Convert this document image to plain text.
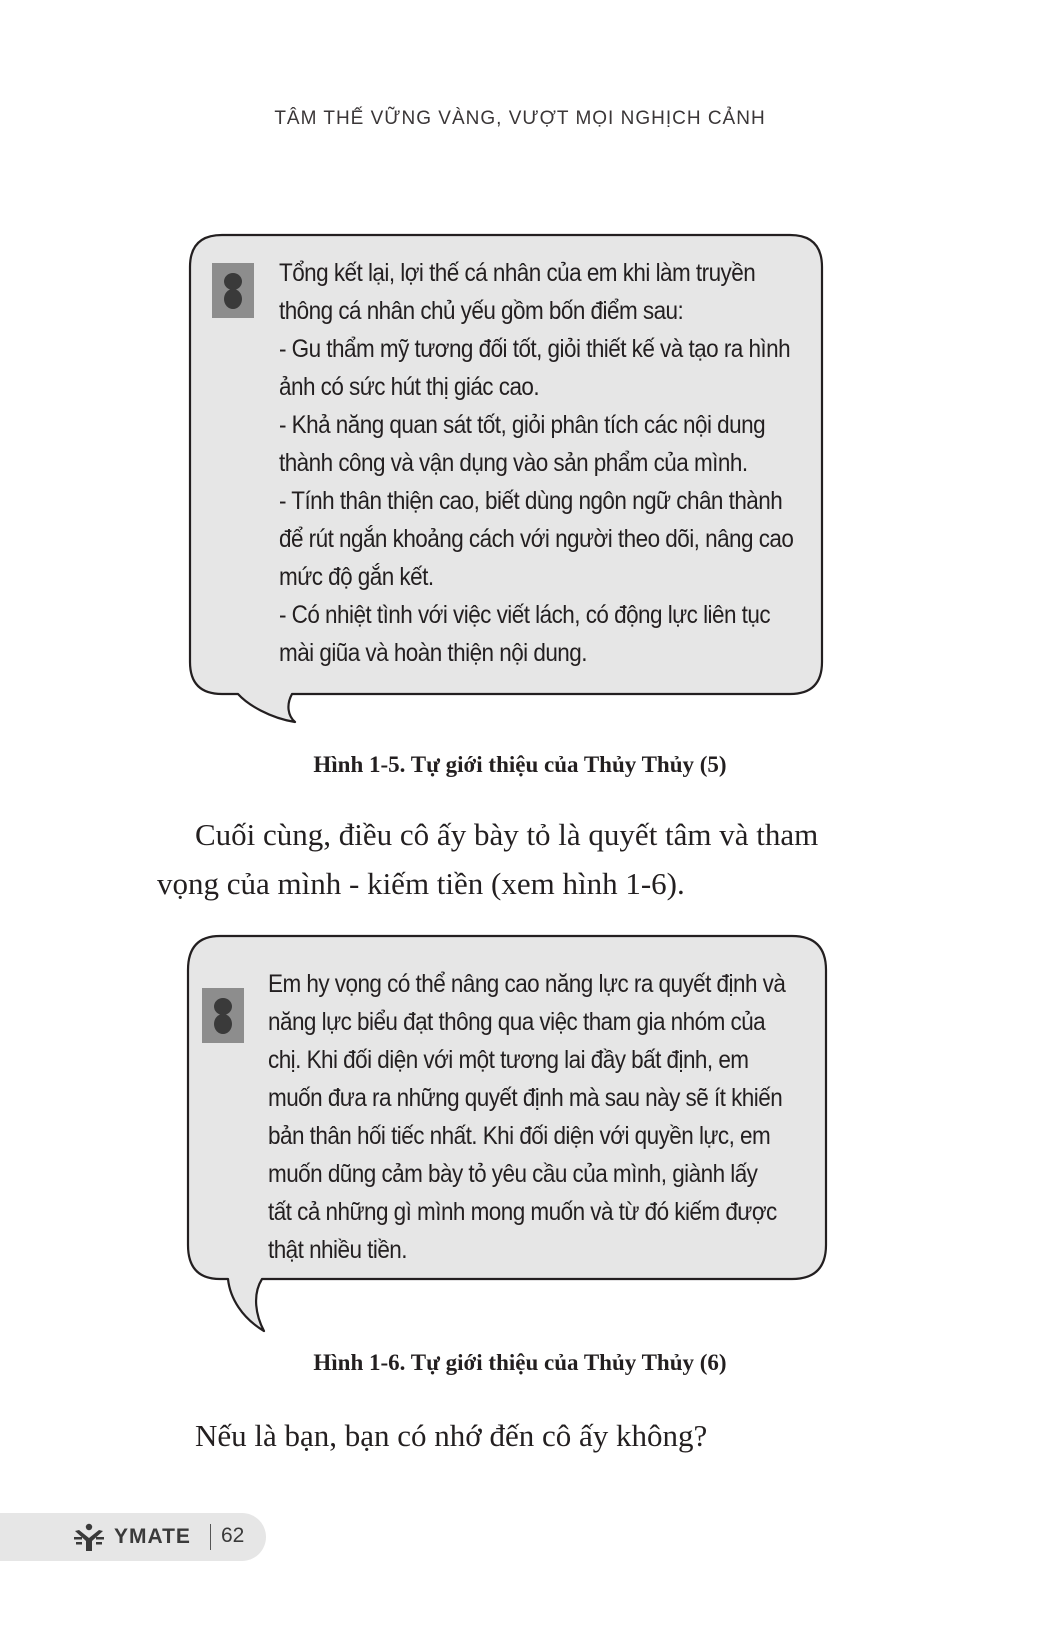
TÂM THẾ VỮNG VÀNG, VƯỢT MỌI NGHỊCH CẢNH
Tổng kết lại, lợi thế cá nhân của em khi làm truyền
thông cá nhân chủ yếu gồm bốn điểm sau:
- Gu thẩm mỹ tương đối tốt, giỏi thiết kế và tạo ra hình
ảnh có sức hút thị giác cao.
- Khả năng quan sát tốt, giỏi phân tích các nội dung
thành công và vận dụng vào sản phẩm của mình.
- Tính thân thiện cao, biết dùng ngôn ngữ chân thành
để rút ngắn khoảng cách với người theo dõi, nâng cao
mức độ gắn kết.
- Có nhiệt tình với việc viết lách, có động lực liên tục
mài giũa và hoàn thiện nội dung.
Hình 1-5. Tự giới thiệu của Thủy Thủy (5)
Cuối cùng, điều cô ấy bày tỏ là quyết tâm và tham
vọng của mình - kiếm tiền (xem hình 1-6).
Em hy vọng có thể nâng cao năng lực ra quyết định và
năng lực biểu đạt thông qua việc tham gia nhóm của
chị. Khi đối diện với một tương lai đầy bất định, em
muốn đưa ra những quyết định mà sau này sẽ ít khiến
bản thân hối tiếc nhất. Khi đối diện với quyền lực, em
muốn dũng cảm bày tỏ yêu cầu của mình, giành lấy
tất cả những gì mình mong muốn và từ đó kiếm được
thật nhiều tiền.
Hình 1-6. Tự giới thiệu của Thủy Thủy (6)
Nếu là bạn, bạn có nhớ đến cô ấy không?
YMATE 62
